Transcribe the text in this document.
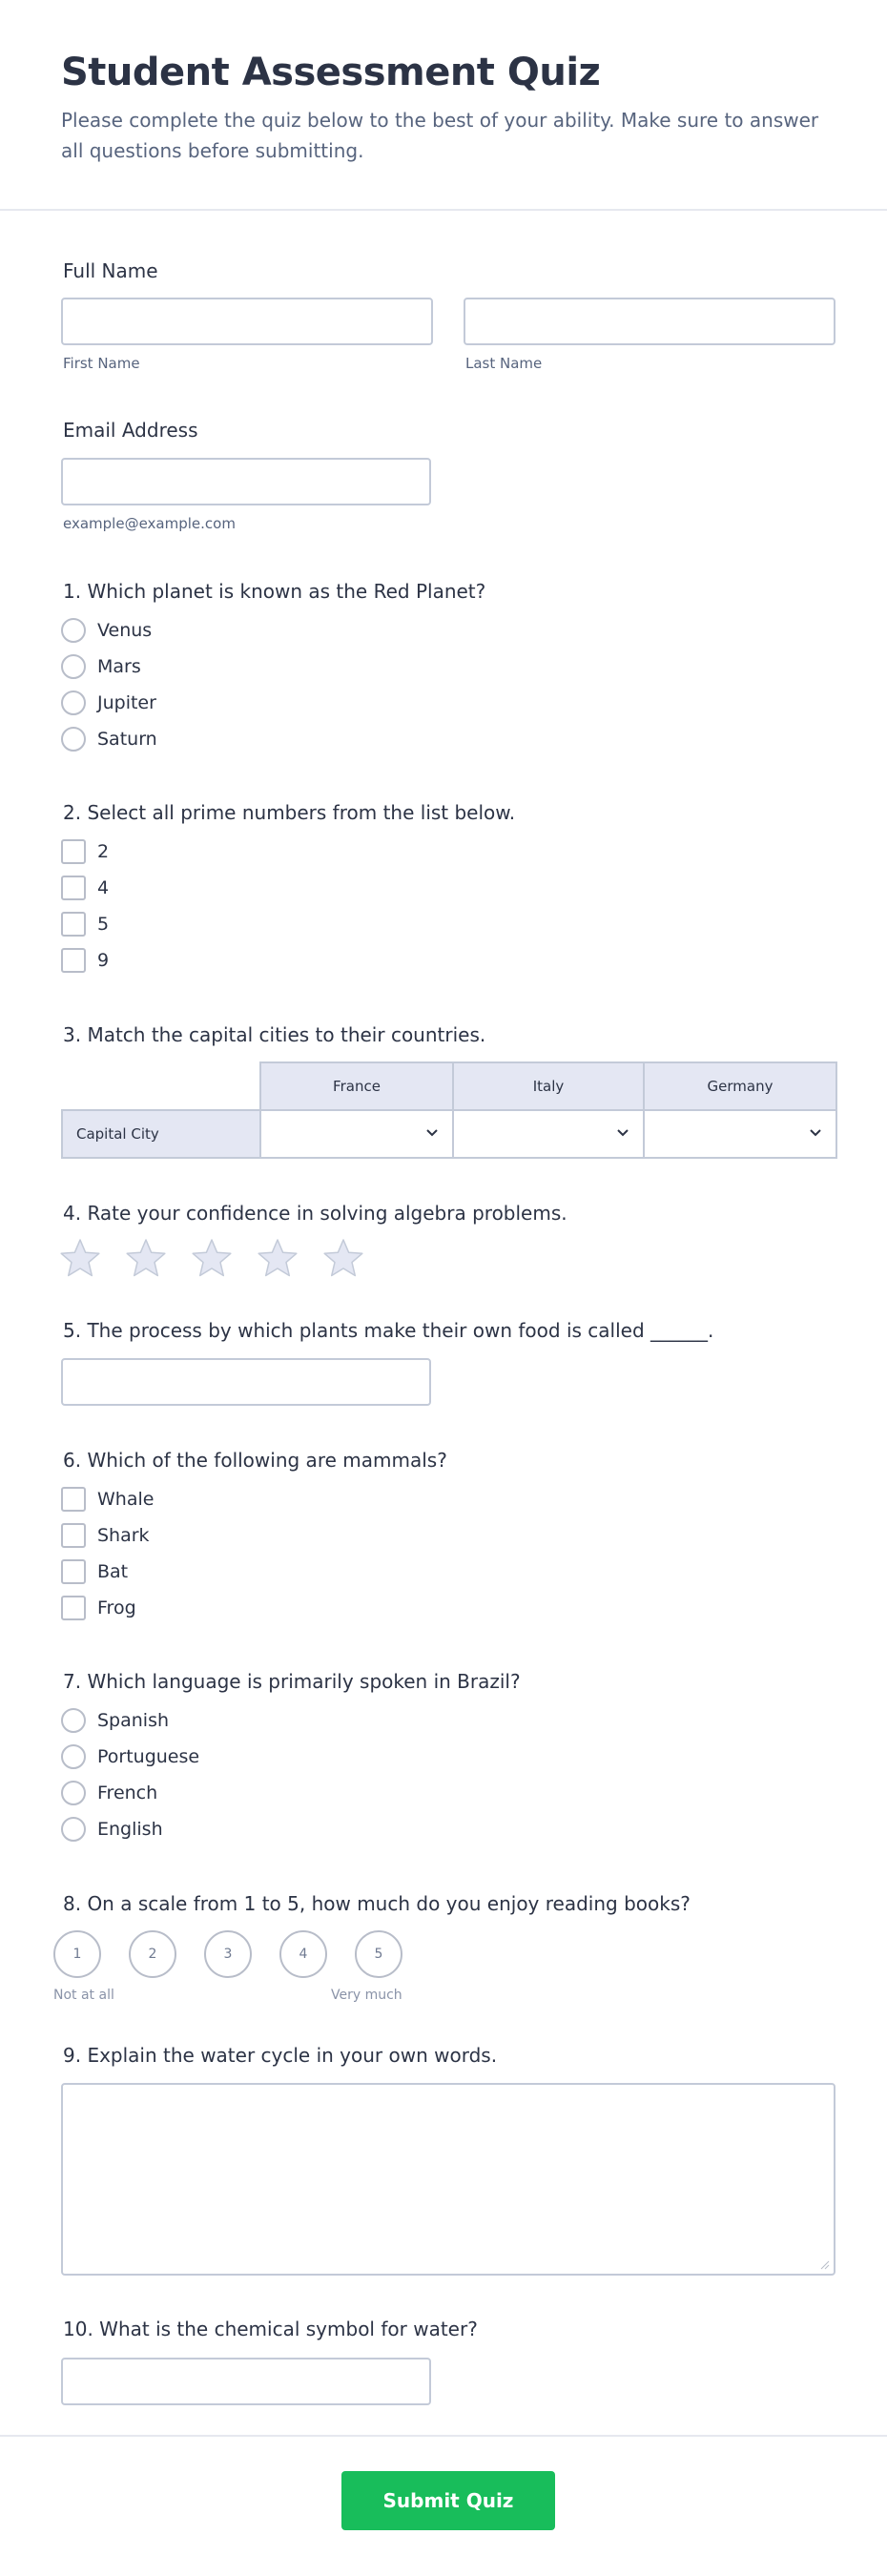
Student Assessment Quiz
Please complete the quiz below to the best of your ability. Make sure to answer all questions before submitting.
Full Name
First Name	Last Name
Email Address
example@example.com
1. Which planet is known as the Red Planet?
Venus
Mars
Jupiter
Saturn
2. Select all prime numbers from the list below.
2
4
5
9
3. Match the capital cities to their countries.
	France	Italy	Germany
Capital City	

4. Rate your confidence in solving algebra problems.
5. The process by which plants make their own food is called ______.
6. Which of the following are mammals?
Whale
Shark
Bat
Frog
7. Which language is primarily spoken in Brazil?
Spanish
Portuguese
French
English
8. On a scale from 1 to 5, how much do you enjoy reading books?
1	2	3	4	5
Not at all	Very much
9. Explain the water cycle in your own words.
10. What is the chemical symbol for water?
Submit Quiz
